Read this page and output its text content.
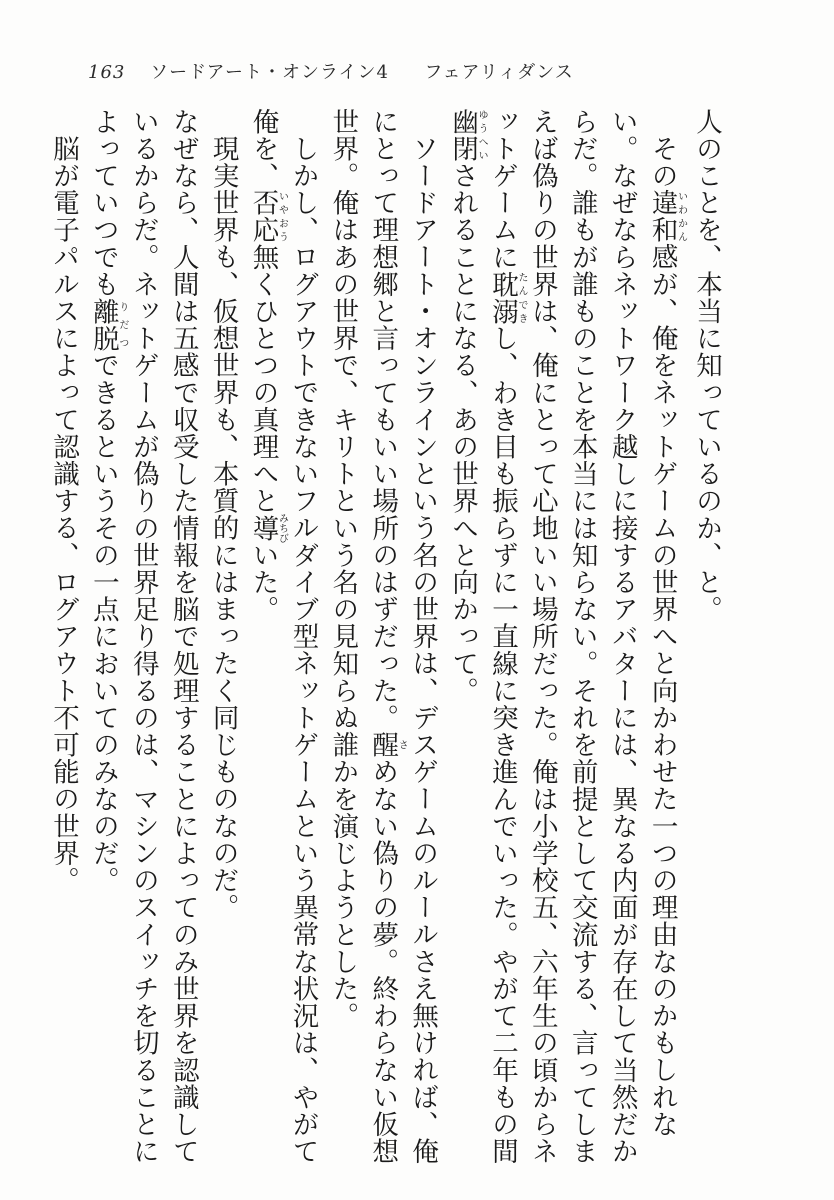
163 ソードアート・オンライン4 フェアリィダンス

人のことを、本当に知っているのか、と。

その違和いわかん感が、俺をネットゲームの世界へと向かわせた一つの理由なのかもしれない。なぜならネットワーク越しに接するアバターには、異なる内面が存在して当然だからだ。誰もが誰ものことを本当には知らない。それを前提として交流する、言ってしまえば偽りの世界は、俺にとって心地いい場所だった。俺は小学校五、六年生の頃からネットゲームに耽溺たんできし、わき目も振らずに一直線に突き進んでいった。やがて二年もの間幽閉ゆうへいされることになる、あの世界へと向かって。

ソードアート・オンラインという名の世界は、デスゲームのルールさえ無ければ、俺にとって理想郷と言ってもいい場所のはずだった。醒さめない偽りの夢。終わらない仮想世界。俺はあの世界で、キリトという名の見知らぬ誰かを演じようとした。

しかし、ログアウトできないフルダイブ型ネットゲームという異常な状況は、やがて俺を、否応いやおう無くひとつの真理へと導みちびいた。

現実世界も、仮想世界も、本質的にはまったく同じものなのだ。

なぜなら、人間は五感で収受した情報を脳で処理することによってのみ世界を認識しているからだ。ネットゲームが偽りの世界足り得るのは、マシンのスイッチを切ることによっていつでも離脱りだつできるというその一点においてのみなのだ。

脳が電子パルスによって認識する、ログアウト不可能の世界。
